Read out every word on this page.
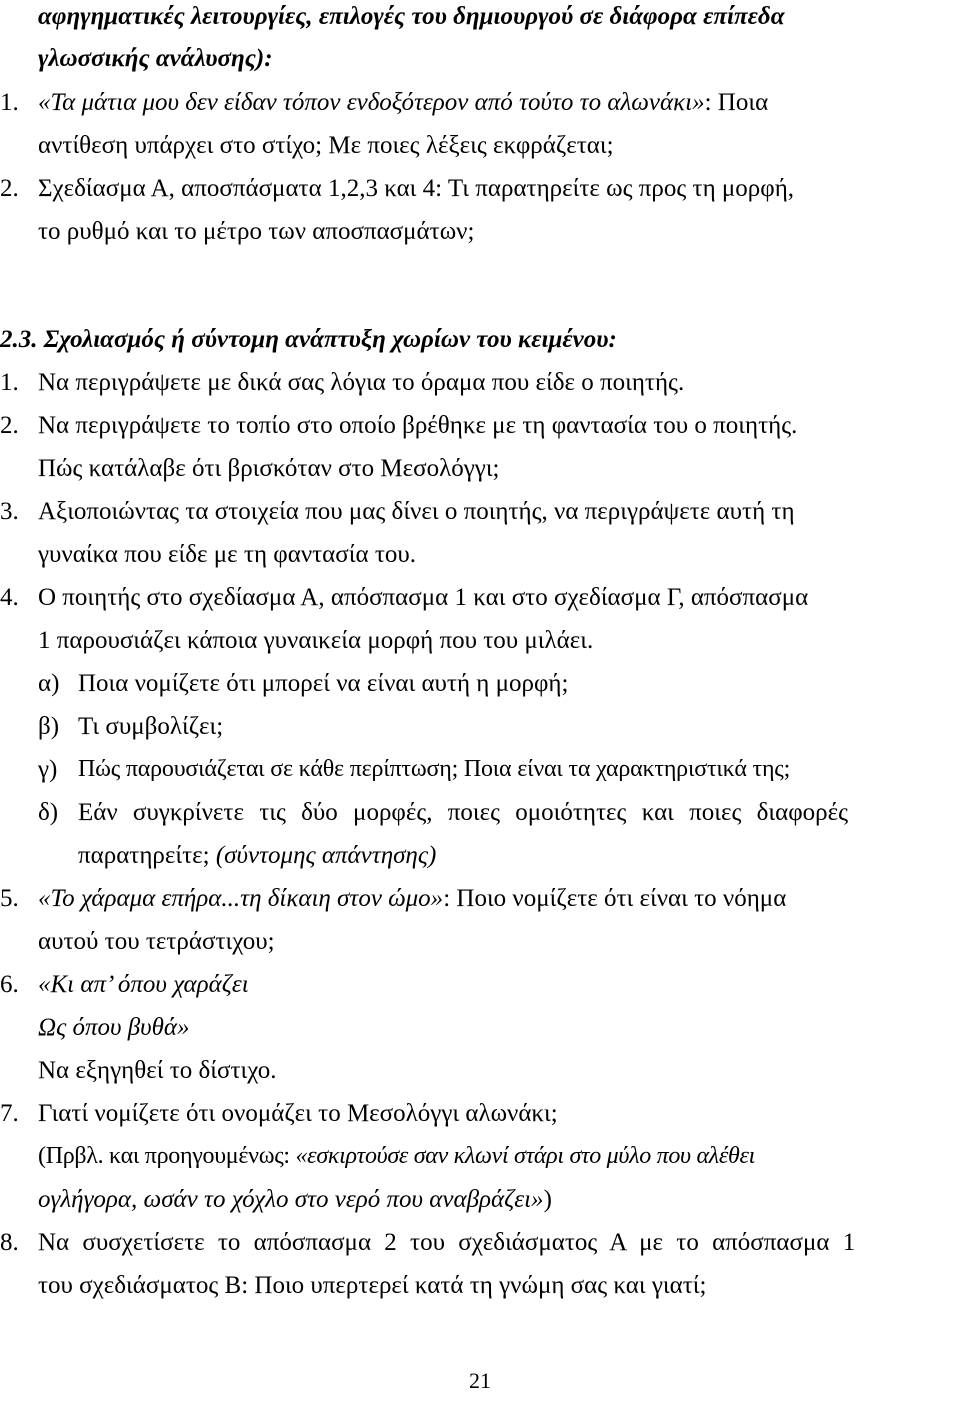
αφηγηματικές λειτουργίες, επιλογές του δημιουργού σε διάφορα επίπεδα
γλωσσικής ανάλυσης):
1. «Τα μάτια μου δεν είδαν τόπον ενδοξότερον από τούτο το αλωνάκι»: Ποια
αντίθεση υπάρχει στο στίχο; Με ποιες λέξεις εκφράζεται;
2. Σχεδίασμα Α, αποσπάσματα 1,2,3 και 4: Τι παρατηρείτε ως προς τη μορφή,
το ρυθμό και το μέτρο των αποσπασμάτων;
2.3. Σχολιασμός ή σύντομη ανάπτυξη χωρίων του κειμένου:
1. Να περιγράψετε με δικά σας λόγια το όραμα που είδε ο ποιητής.
2. Να περιγράψετε το τοπίο στο οποίο βρέθηκε με τη φαντασία του ο ποιητής.
Πώς κατάλαβε ότι βρισκόταν στο Μεσολόγγι;
3. Αξιοποιώντας τα στοιχεία που μας δίνει ο ποιητής, να περιγράψετε αυτή τη
γυναίκα που είδε με τη φαντασία του.
4. Ο ποιητής στο σχεδίασμα Α, απόσπασμα 1 και στο σχεδίασμα Γ, απόσπασμα
1 παρουσιάζει κάποια γυναικεία μορφή που του μιλάει.
α) Ποια νομίζετε ότι μπορεί να είναι αυτή η μορφή;
β) Τι συμβολίζει;
γ) Πώς παρουσιάζεται σε κάθε περίπτωση; Ποια είναι τα χαρακτηριστικά της;
δ) Εάν συγκρίνετε τις δύο μορφές, ποιες ομοιότητες και ποιες διαφορές
παρατηρείτε; (σύντομης απάντησης)
5. «Το χάραμα επήρα...τη δίκαιη στον ώμο»: Ποιο νομίζετε ότι είναι το νόημα
αυτού του τετράστιχου;
6. «Κι απ’ όπου χαράζει
Ως όπου βυθά»
Να εξηγηθεί το δίστιχο.
7. Γιατί νομίζετε ότι ονομάζει το Μεσολόγγι αλωνάκι;
(Πρβλ. και προηγουμένως: «εσκιρτούσε σαν κλωνί στάρι στο μύλο που αλέθει
ογλήγορα, ωσάν το χόχλο στο νερό που αναβράζει»)
8. Να συσχετίσετε το απόσπασμα 2 του σχεδιάσματος Α με το απόσπασμα 1
του σχεδιάσματος Β: Ποιο υπερτερεί κατά τη γνώμη σας και γιατί;
21
